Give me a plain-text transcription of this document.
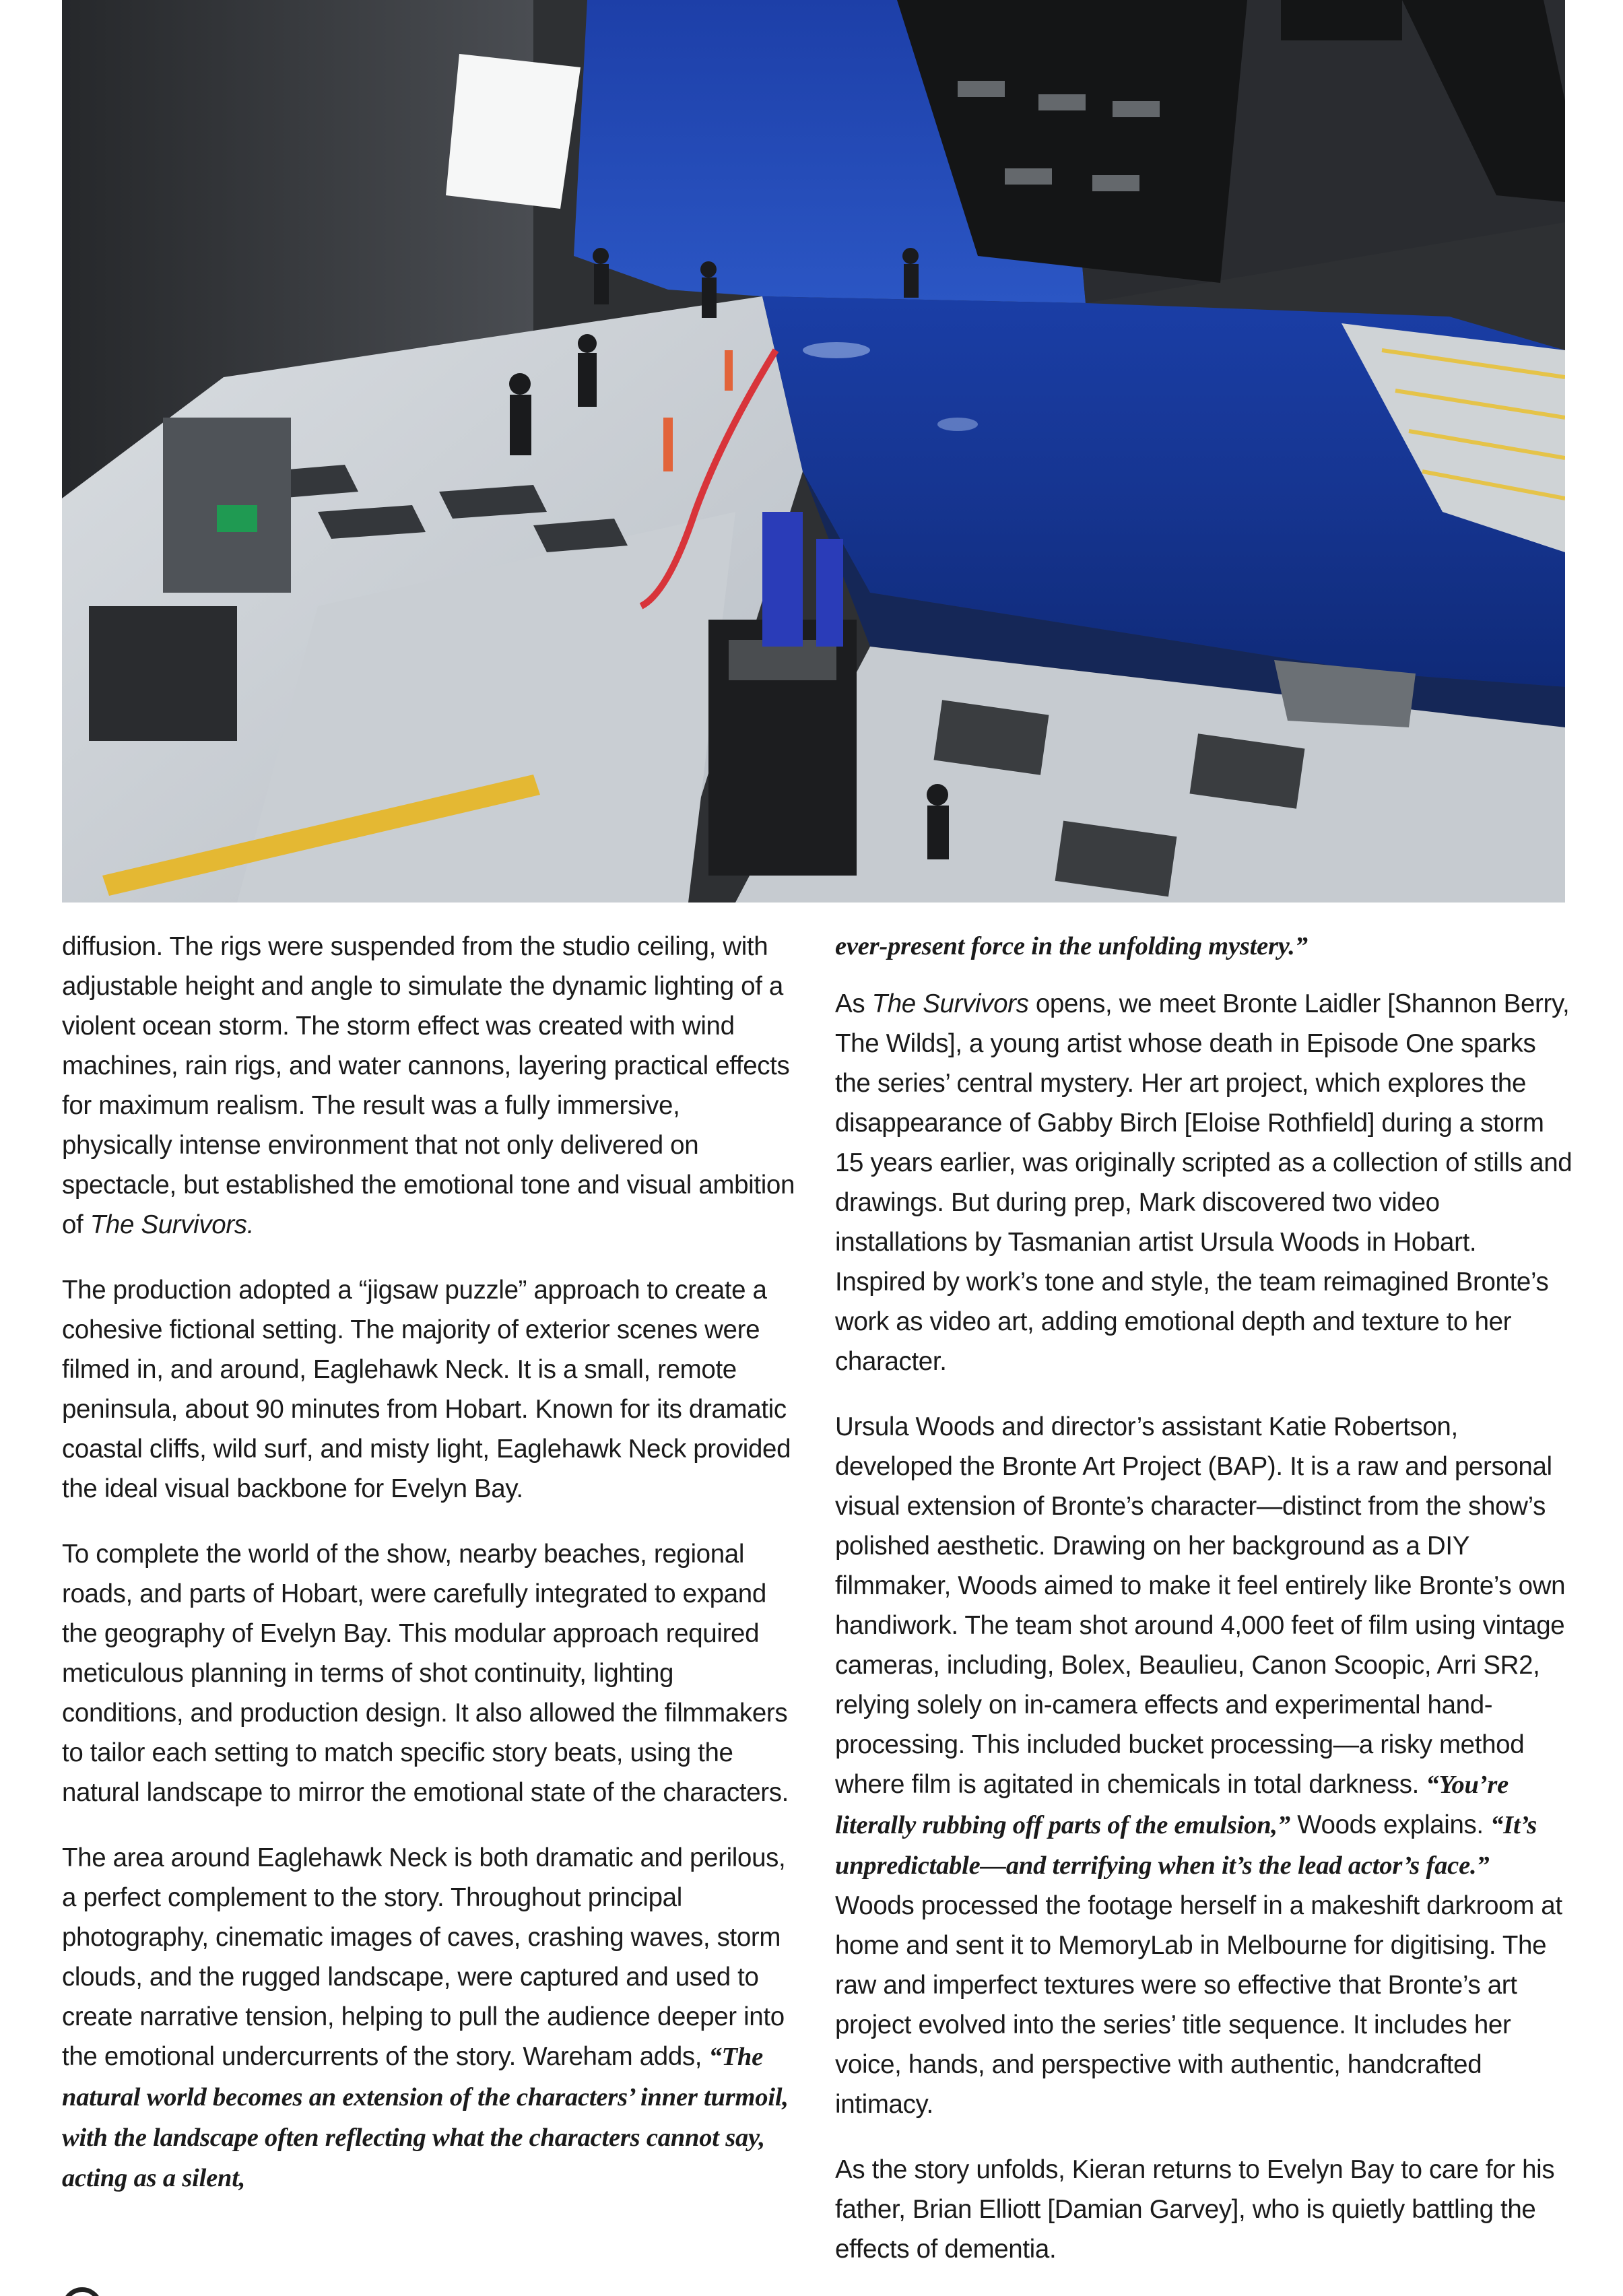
diffusion. The rigs were suspended from the studio ceiling, with adjustable height and angle to simulate the dynamic lighting of a violent ocean storm. The storm effect was created with wind machines, rain rigs, and water cannons, layering practical effects for maximum realism. The result was a fully immersive, physically intense environment that not only delivered on spectacle, but established the emotional tone and visual ambition of The Survivors.

The production adopted a “jigsaw puzzle” approach to create a cohesive fictional setting. The majority of exterior scenes were filmed in, and around, Eaglehawk Neck. It is a small, remote peninsula, about 90 minutes from Hobart. Known for its dramatic coastal cliffs, wild surf, and misty light, Eaglehawk Neck provided the ideal visual backbone for Evelyn Bay.

To complete the world of the show, nearby beaches, regional roads, and parts of Hobart, were carefully integrated to expand the geography of Evelyn Bay. This modular approach required meticulous planning in terms of shot continuity, lighting conditions, and production design. It also allowed the filmmakers to tailor each setting to match specific story beats, using the natural landscape to mirror the emotional state of the characters.

The area around Eaglehawk Neck is both dramatic and perilous, a perfect complement to the story. Throughout principal photography, cinematic images of caves, crashing waves, storm clouds, and the rugged landscape, were captured and used to create narrative tension, helping to pull the audience deeper into the emotional undercurrents of the story. Wareham adds, “The natural world becomes an extension of the characters’ inner turmoil, with the landscape often reflecting what the characters cannot say, acting as a silent,

ever-present force in the unfolding mystery.”

As The Survivors opens, we meet Bronte Laidler [Shannon Berry, The Wilds], a young artist whose death in Episode One sparks the series’ central mystery. Her art project, which explores the disappearance of Gabby Birch [Eloise Rothfield] during a storm 15 years earlier, was originally scripted as a collection of stills and drawings. But during prep, Mark discovered two video installations by Tasmanian artist Ursula Woods in Hobart. Inspired by work’s tone and style, the team reimagined Bronte’s work as video art, adding emotional depth and texture to her character.

Ursula Woods and director’s assistant Katie Robertson, developed the Bronte Art Project (BAP). It is a raw and personal visual extension of Bronte’s character—distinct from the show’s polished aesthetic. Drawing on her background as a DIY filmmaker, Woods aimed to make it feel entirely like Bronte’s own handiwork. The team shot around 4,000 feet of film using vintage cameras, including, Bolex, Beaulieu, Canon Scoopic, Arri SR2, relying solely on in-camera effects and experimental hand-processing. This included bucket processing—a risky method where film is agitated in chemicals in total darkness. “You’re literally rubbing off parts of the emulsion,” Woods explains. “It’s unpredictable—and terrifying when it’s the lead actor’s face.” Woods processed the footage herself in a makeshift darkroom at home and sent it to MemoryLab in Melbourne for digitising. The raw and imperfect textures were so effective that Bronte’s art project evolved into the series’ title sequence. It includes her voice, hands, and perspective with authentic, handcrafted intimacy.

As the story unfolds, Kieran returns to Evelyn Bay to care for his father, Brian Elliott [Damian Garvey], who is quietly battling the effects of dementia.
